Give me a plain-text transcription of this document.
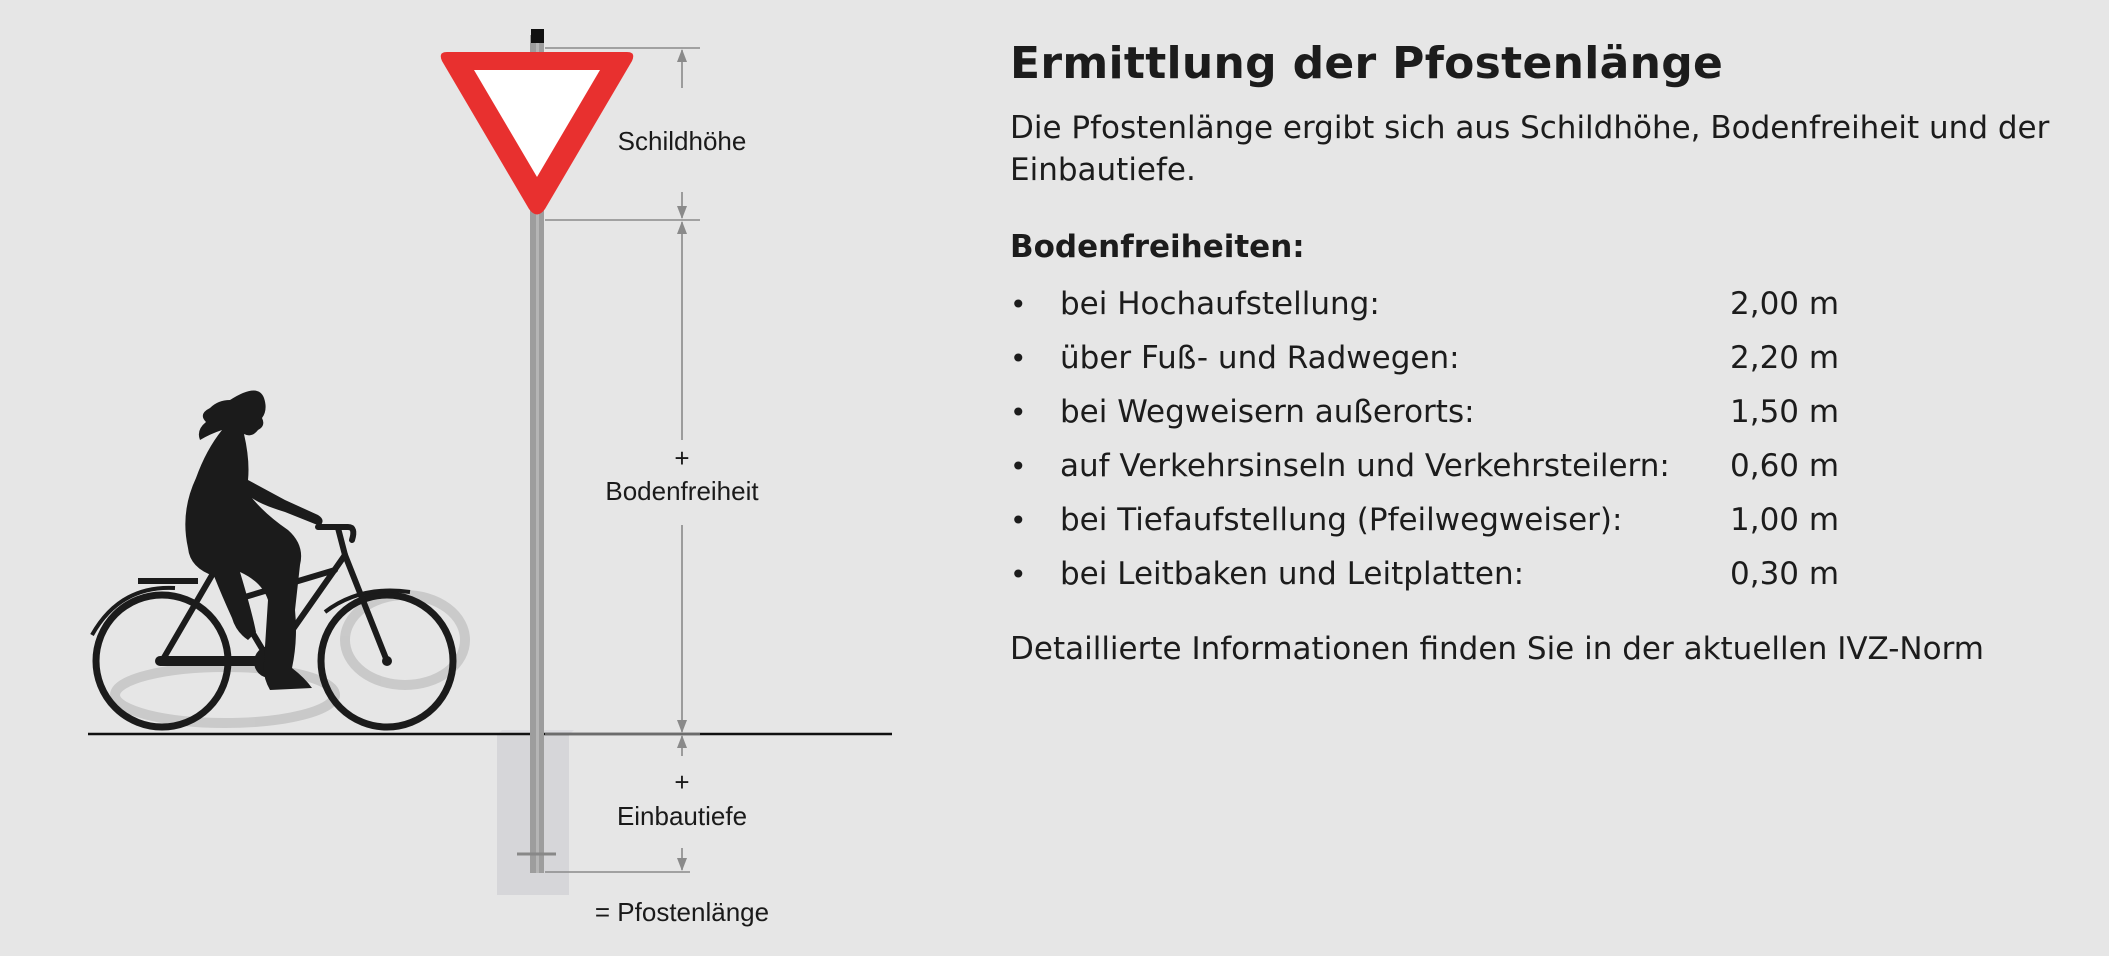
Schildhöhe
+
Bodenfreiheit
+
Einbautiefe
= Pfostenlänge
Ermittlung der Pfostenlänge

Die Pfostenlänge ergibt sich aus Schildhöhe, Bodenfreiheit und der Einbautiefe.

Bodenfreiheiten:
•	bei Hochaufstellung:	2,00 m
•	über Fuß- und Radwegen:	2,20 m
•	bei Wegweisern außerorts:	1,50 m
•	auf Verkehrsinseln und Verkehrsteilern:	0,60 m
•	bei Tiefaufstellung (Pfeilwegweiser):	1,00 m
•	bei Leitbaken und Leitplatten:	0,30 m

Detaillierte Informationen finden Sie in der aktuellen IVZ-Norm
